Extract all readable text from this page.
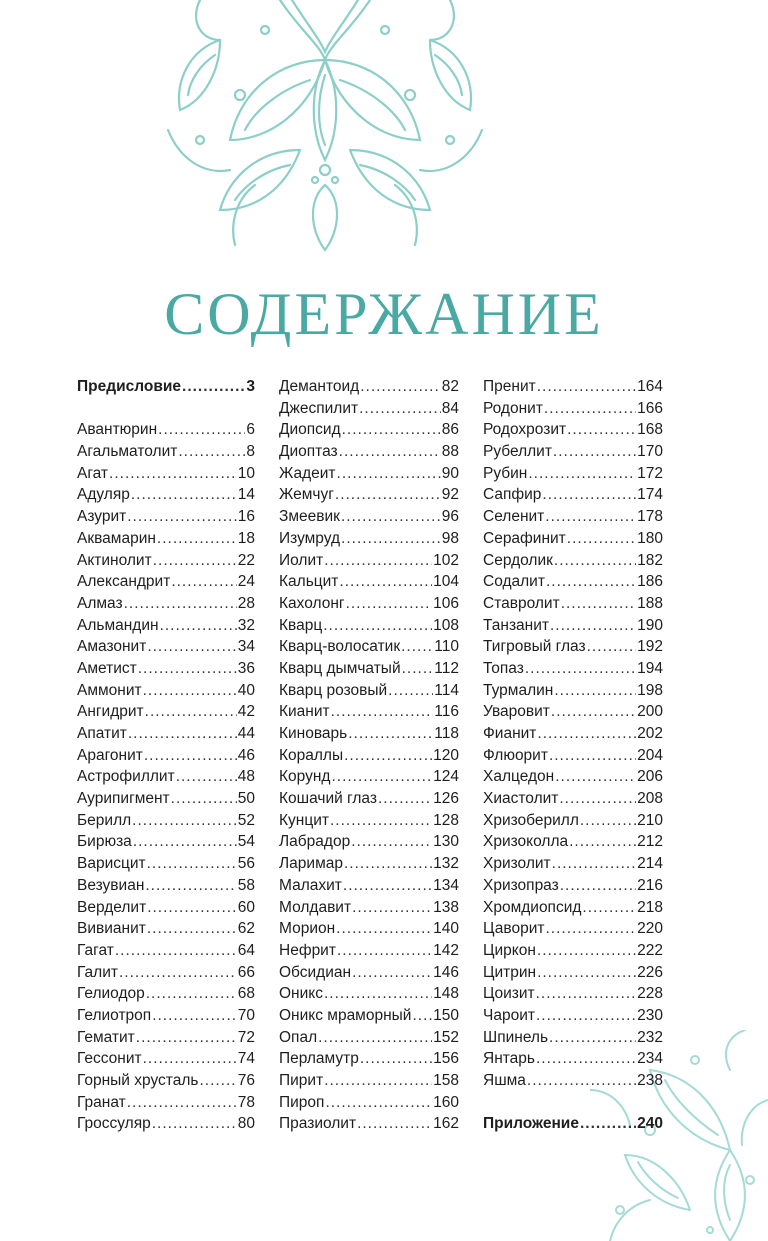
СОДЕРЖАНИЕ
Предисловие .....	3
Авантюрин .....	6
Агальматолит .....	8
Агат .....	10
Адуляр .....	14
Азурит .....	16
Аквамарин .....	18
Актинолит .....	22
Александрит .....	24
Алмаз .....	28
Альмандин .....	32
Амазонит .....	34
Аметист .....	36
Аммонит .....	40
Ангидрит .....	42
Апатит .....	44
Арагонит .....	46
Астрофиллит .....	48
Аурипигмент .....	50
Берилл .....	52
Бирюза .....	54
Варисцит .....	56
Везувиан .....	58
Верделит .....	60
Вивианит .....	62
Гагат .....	64
Галит .....	66
Гелиодор .....	68
Гелиотроп .....	70
Гематит .....	72
Гессонит .....	74
Горный хрусталь .....	76
Гранат .....	78
Гроссуляр .....	80
Демантоид .....	82
Джеспилит .....	84
Диопсид .....	86
Диоптаз .....	88
Жадеит .....	90
Жемчуг .....	92
Змеевик .....	96
Изумруд .....	98
Иолит .....	102
Кальцит .....	104
Кахолонг .....	106
Кварц .....	108
Кварц-волосатик ..... 110
Кварц дымчатый ..... 112
Кварц розовый .....	114
Кианит .....	116
Киноварь .....	118
Кораллы .....	120
Корунд .....	124
Кошачий глаз .....	126
Кунцит .....	128
Лабрадор .....	130
Ларимар .....	132
Малахит .....	134
Молдавит .....	138
Морион .....	140
Нефрит .....	142
Обсидиан .....	146
Оникс .....	148
Оникс мраморный ..... 150
Опал .....	152
Перламутр .....	156
Пирит .....	158
Пироп .....	160
Празиолит .....	162
Пренит .....	164
Родонит .....	166
Родохрозит .....	168
Рубеллит .....	170
Рубин .....	172
Сапфир .....	174
Селенит .....	178
Серафинит .....	180
Сердолик .....	182
Содалит .....	186
Ставролит .....	188
Танзанит .....	190
Тигровый глаз .....	192
Топаз .....	194
Турмалин .....	198
Уваровит .....	200
Фианит .....	202
Флюорит .....	204
Халцедон .....	206
Хиастолит .....	208
Хризоберилл .....	210
Хризоколла .....	212
Хризолит .....	214
Хризопраз .....	216
Хромдиопсид .....	218
Цаворит .....	220
Циркон .....	222
Цитрин .....	226
Цоизит .....	228
Чароит .....	230
Шпинель .....	232
Янтарь .....	234
Яшма .....	238
Приложение .....	240
